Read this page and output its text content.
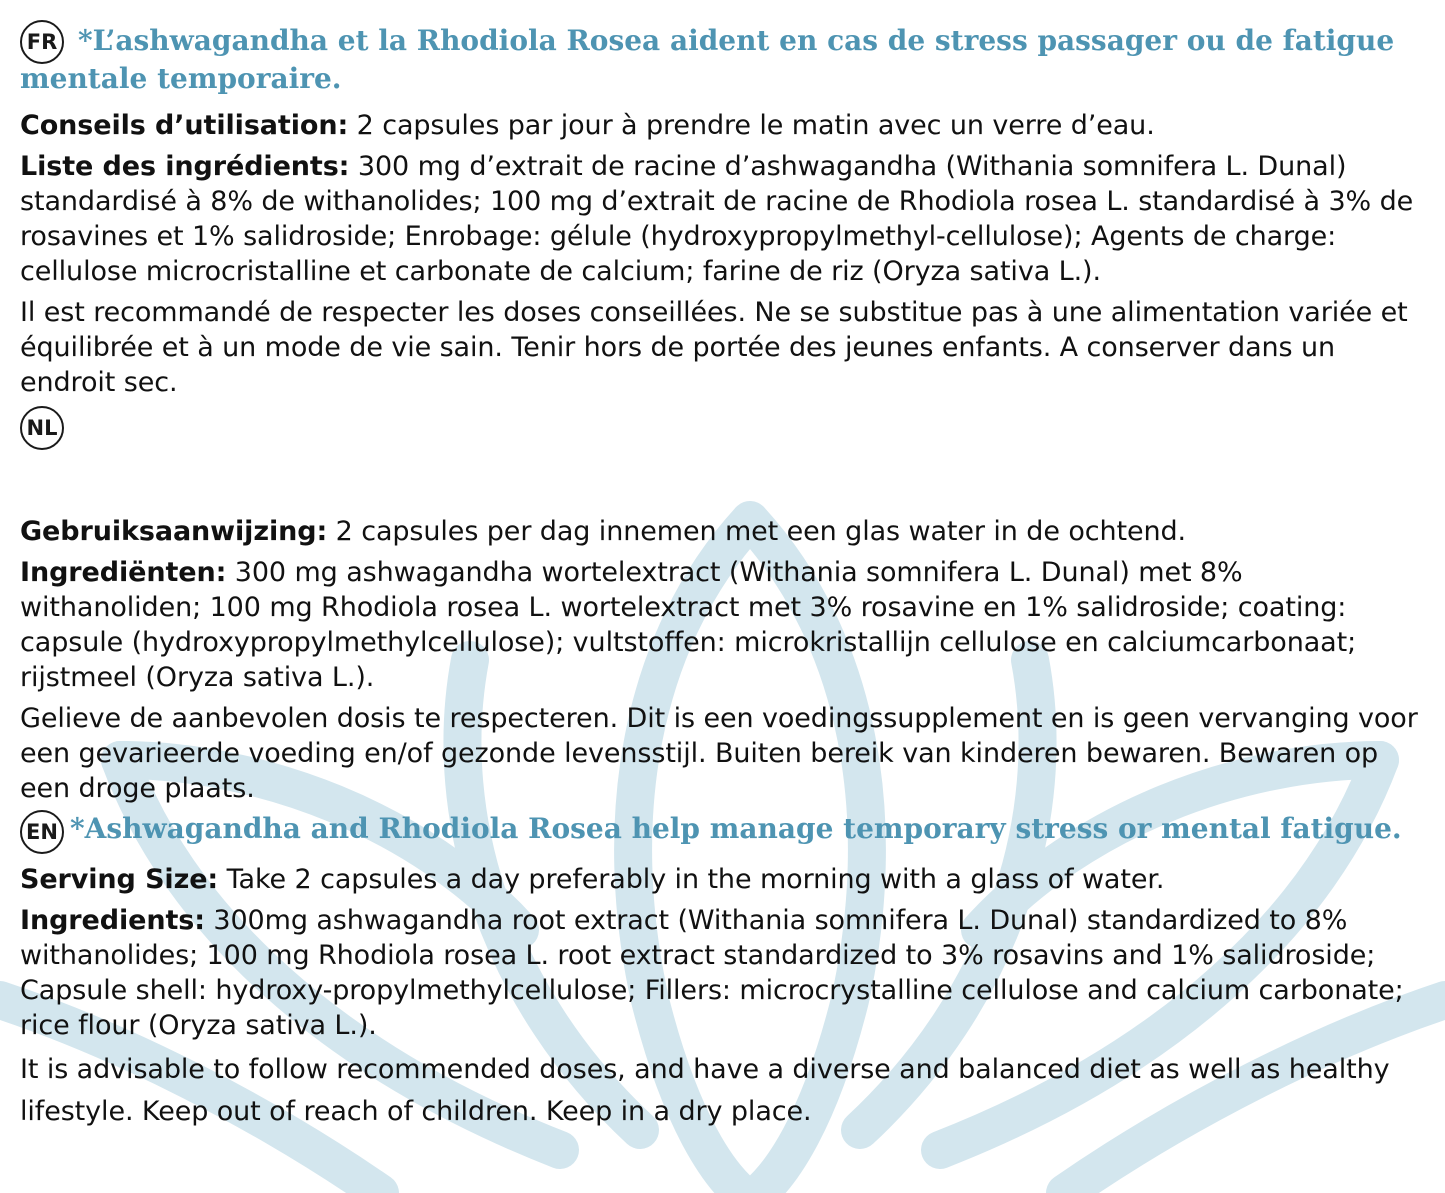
FR *L’ashwagandha et la Rhodiola Rosea aident en cas de stress passager ou de fatigue mentale temporaire.

Conseils d’utilisation: 2 capsules par jour à prendre le matin avec un verre d’eau.

Liste des ingrédients: 300 mg d’extrait de racine d’ashwagandha (Withania somnifera L. Dunal) standardisé à 8% de withanolides; 100 mg d’extrait de racine de Rhodiola rosea L. standardisé à 3% de rosavines et 1% salidroside; Enrobage: gélule (hydroxypropylmethyl-cellulose); Agents de charge: cellulose microcristalline et carbonate de calcium; farine de riz (Oryza sativa L.).

Il est recommandé de respecter les doses conseillées. Ne se substitue pas à une alimentation variée et équilibrée et à un mode de vie sain. Tenir hors de portée des jeunes enfants. A conserver dans un endroit sec.

NL

Gebruiksaanwijzing: 2 capsules per dag innemen met een glas water in de ochtend.

Ingrediënten: 300 mg ashwagandha wortelextract (Withania somnifera L. Dunal) met 8% withanoliden; 100 mg Rhodiola rosea L. wortelextract met 3% rosavine en 1% salidroside; coating: capsule (hydroxypropylmethylcellulose); vultstoffen: microkristallijn cellulose en calciumcarbonaat; rijstmeel (Oryza sativa L.).

Gelieve de aanbevolen dosis te respecteren. Dit is een voedingssupplement en is geen vervanging voor een gevarieerde voeding en/of gezonde levensstijl. Buiten bereik van kinderen bewaren. Bewaren op een droge plaats.

EN *Ashwagandha and Rhodiola Rosea help manage temporary stress or mental fatigue.

Serving Size: Take 2 capsules a day preferably in the morning with a glass of water.

Ingredients: 300mg ashwagandha root extract (Withania somnifera L. Dunal) standardized to 8% withanolides; 100 mg Rhodiola rosea L. root extract standardized to 3% rosavins and 1% salidroside; Capsule shell: hydroxy-propylmethylcellulose; Fillers: microcrystalline cellulose and calcium carbonate; rice flour (Oryza sativa L.).

It is advisable to follow recommended doses, and have a diverse and balanced diet as well as healthy lifestyle. Keep out of reach of children. Keep in a dry place.
